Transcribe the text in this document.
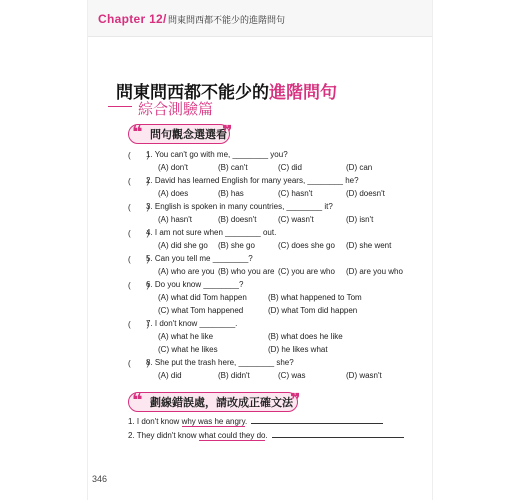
Chapter 12/ 問東問西都不能少的進階問句
問東問西都不能少的進階問句
綜合測驗篇
❝ 問句觀念選選看
❞
(　　)
1. You can't go with me, ________ you?
(A) don't	(B) can't	(C) did	(D) can
(　　)
2. David has learned English for many years, ________ he?
(A) does	(B) has	(C) hasn't	(D) doesn't
(　　)
3. English is spoken in many countries, ________ it?
(A) hasn't	(B) doesn't	(C) wasn't	(D) isn't
(　　)
4. I am not sure when ________ out.
(A) did she go (B) she go	(C) does she go (D) she went
(　　)
5. Can you tell me ________?
(A) who are you (B) who you are (C) you are who (D) are you who
(　　)
6. Do you know ________?
(A) what did Tom happen	(B) what happened to Tom
(C) what Tom happened	(D) what Tom did happen
(　　)
7. I don't know ________.
(A) what he like	(B) what does he like
(C) what he likes	(D) he likes what
(　　)
8. She put the trash here, ________ she?
(A) did	(B) didn't	(C) was	(D) wasn't
❝ 劃線錯誤處，請改成正確文法
❞
1. I don't know why was he angry.
2. They didn't know what could they do.
346
